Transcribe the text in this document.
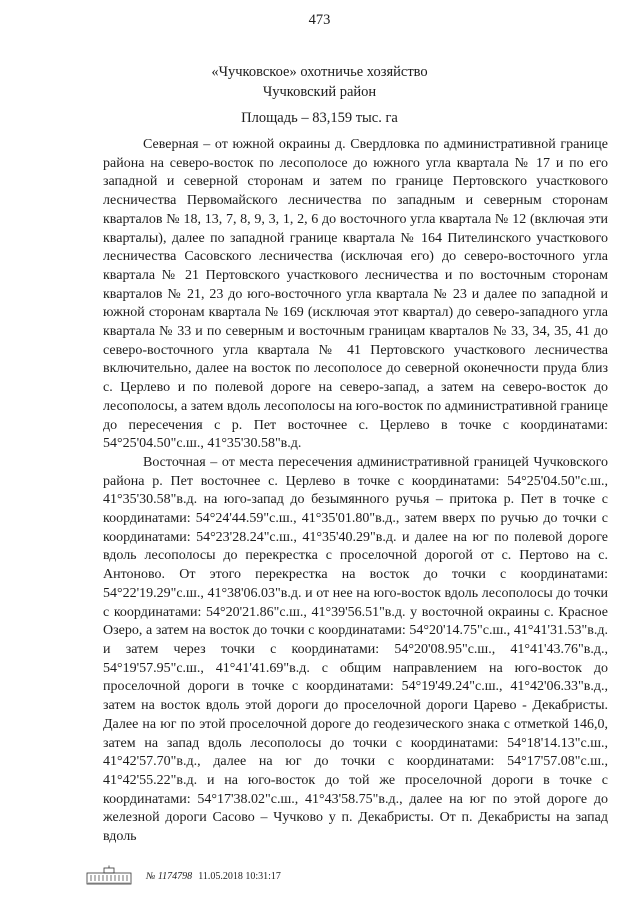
473
«Чучковское» охотничье хозяйство
Чучковский район
Площадь – 83,159 тыс. га

Северная – от южной окраины д. Свердловка по административной границе района на северо-восток по лесополосе до южного угла квартала № 17 и по его западной и северной сторонам и затем по границе Пертовского участкового лесничества Первомайского лесничества по западным и северным сторонам кварталов № 18, 13, 7, 8, 9, 3, 1, 2, 6 до восточного угла квартала № 12 (включая эти кварталы), далее по западной границе квартала № 164 Пителинского участкового лесничества Сасовского лесничества (исключая его) до северо-восточного угла квартала № 21 Пертовского участкового лесничества и по восточным сторонам кварталов № 21, 23 до юго-восточного угла квартала № 23 и далее по западной и южной сторонам квартала № 169 (исключая этот квартал) до северо-западного угла квартала № 33 и по северным и восточным границам кварталов № 33, 34, 35, 41 до северо-восточного угла квартала № 41 Пертовского участкового лесничества включительно, далее на восток по лесополосе до северной оконечности пруда близ с. Церлево и по полевой дороге на северо-запад, а затем на северо-восток до лесополосы, а затем вдоль лесополосы на юго-восток по административной границе до пересечения с р. Пет восточнее с. Церлево в точке с координатами: 54°25'04.50"с.ш., 41°35'30.58"в.д.

Восточная – от места пересечения административной границей Чучковского района р. Пет восточнее с. Церлево в точке с координатами: 54°25'04.50"с.ш., 41°35'30.58"в.д. на юго-запад до безымянного ручья – притока р. Пет в точке с координатами: 54°24'44.59"с.ш., 41°35'01.80"в.д., затем вверх по ручью до точки с координатами: 54°23'28.24"с.ш., 41°35'40.29"в.д. и далее на юг по полевой дороге вдоль лесополосы до перекрестка с проселочной дорогой от с. Пертово на с. Антоново. От этого перекрестка на восток до точки с координатами: 54°22'19.29"с.ш., 41°38'06.03"в.д. и от нее на юго-восток вдоль лесополосы до точки с координатами: 54°20'21.86"с.ш., 41°39'56.51"в.д. у восточной окраины с. Красное Озеро, а затем на восток до точки с координатами: 54°20'14.75"с.ш., 41°41'31.53"в.д. и затем через точки с координатами: 54°20'08.95"с.ш., 41°41'43.76"в.д., 54°19'57.95"с.ш., 41°41'41.69"в.д. с общим направлением на юго-восток до проселочной дороги в точке с координатами: 54°19'49.24"с.ш., 41°42'06.33"в.д., затем на восток вдоль этой дороги до проселочной дороги Царево - Декабристы. Далее на юг по этой проселочной дороге до геодезического знака с отметкой 146,0, затем на запад вдоль лесополосы до точки с координатами: 54°18'14.13"с.ш., 41°42'57.70"в.д., далее на юг до точки с координатами: 54°17'57.08"с.ш., 41°42'55.22"в.д. и на юго-восток до той же проселочной дороги в точке с координатами: 54°17'38.02"с.ш., 41°43'58.75"в.д., далее на юг по этой дороге до железной дороги Сасово – Чучково у п. Декабристы. От п. Декабристы на запад вдоль

№ 1174798 11.05.2018 10:31:17
